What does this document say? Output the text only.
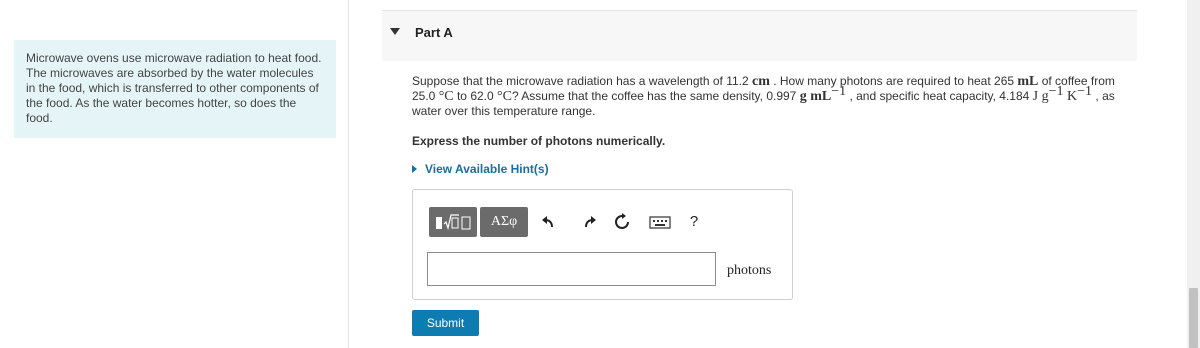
Microwave ovens use microwave radiation to heat food. The microwaves are absorbed by the water molecules in the food, which is transferred to other components of the food. As the water becomes hotter, so does the food.
Part A
Suppose that the microwave radiation has a wavelength of 11.2 cm . How many photons are required to heat 265 mL of coffee from 25.0 °C to 62.0 °C? Assume that the coffee has the same density, 0.997 g $mL^{-1}$ , and specific heat capacity, 4.184 J $g^{-1}$ $K^{-1}$ , as water over this temperature range.
Express the number of photons numerically.
View Available Hint(s)
ΑΣφ	?
photons
Submit
